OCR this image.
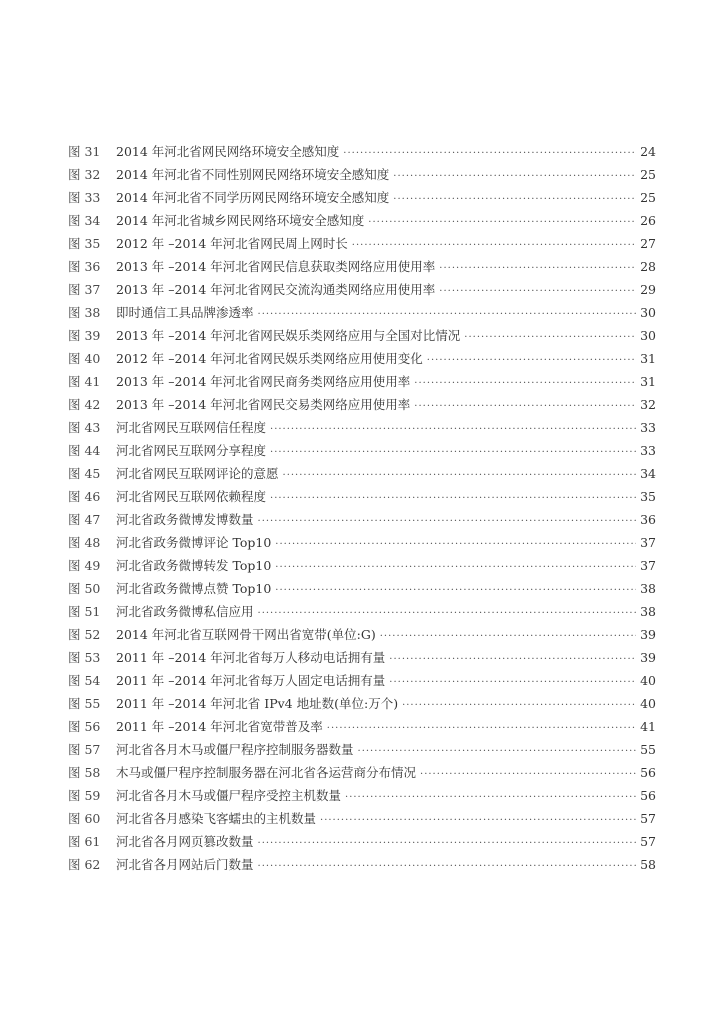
图 31	2014 年河北省网民网络环境安全感知度 ·····	24
图 32	2014 年河北省不同性别网民网络环境安全感知度 ·····	25
图 33	2014 年河北省不同学历网民网络环境安全感知度 ·····	25
图 34	2014 年河北省城乡网民网络环境安全感知度 ·····	26
图 35	2012 年 –2014 年河北省网民周上网时长 ·····	27
图 36	2013 年 –2014 年河北省网民信息获取类网络应用使用率 ·····	28
图 37	2013 年 –2014 年河北省网民交流沟通类网络应用使用率 ·····	29
图 38	即时通信工具品牌渗透率 ·····	30
图 39	2013 年 –2014 年河北省网民娱乐类网络应用与全国对比情况 ·····	30
图 40	2012 年 –2014 年河北省网民娱乐类网络应用使用变化 ·····	31
图 41	2013 年 –2014 年河北省网民商务类网络应用使用率 ·····	31
图 42	2013 年 –2014 年河北省网民交易类网络应用使用率 ·····	32
图 43	河北省网民互联网信任程度 ·····	33
图 44	河北省网民互联网分享程度 ·····	33
图 45	河北省网民互联网评论的意愿 ·····	34
图 46	河北省网民互联网依赖程度 ·····	35
图 47	河北省政务微博发博数量 ·····	36
图 48	河北省政务微博评论 Top10 ·····	37
图 49	河北省政务微博转发 Top10 ·····	37
图 50	河北省政务微博点赞 Top10 ·····	38
图 51	河北省政务微博私信应用 ·····	38
图 52	2014 年河北省互联网骨干网出省宽带(单位:G) ·····	39
图 53	2011 年 –2014 年河北省每万人移动电话拥有量 ·····	39
图 54	2011 年 –2014 年河北省每万人固定电话拥有量 ·····	40
图 55	2011 年 –2014 年河北省 IPv4 地址数(单位:万个) ·····	40
图 56	2011 年 –2014 年河北省宽带普及率 ·····	41
图 57	河北省各月木马或僵尸程序控制服务器数量 ·····	55
图 58	木马或僵尸程序控制服务器在河北省各运营商分布情况 ·····	56
图 59	河北省各月木马或僵尸程序受控主机数量 ·····	56
图 60	河北省各月感染飞客蠕虫的主机数量 ·····	57
图 61	河北省各月网页篡改数量 ·····	57
图 62	河北省各月网站后门数量 ·····	58
